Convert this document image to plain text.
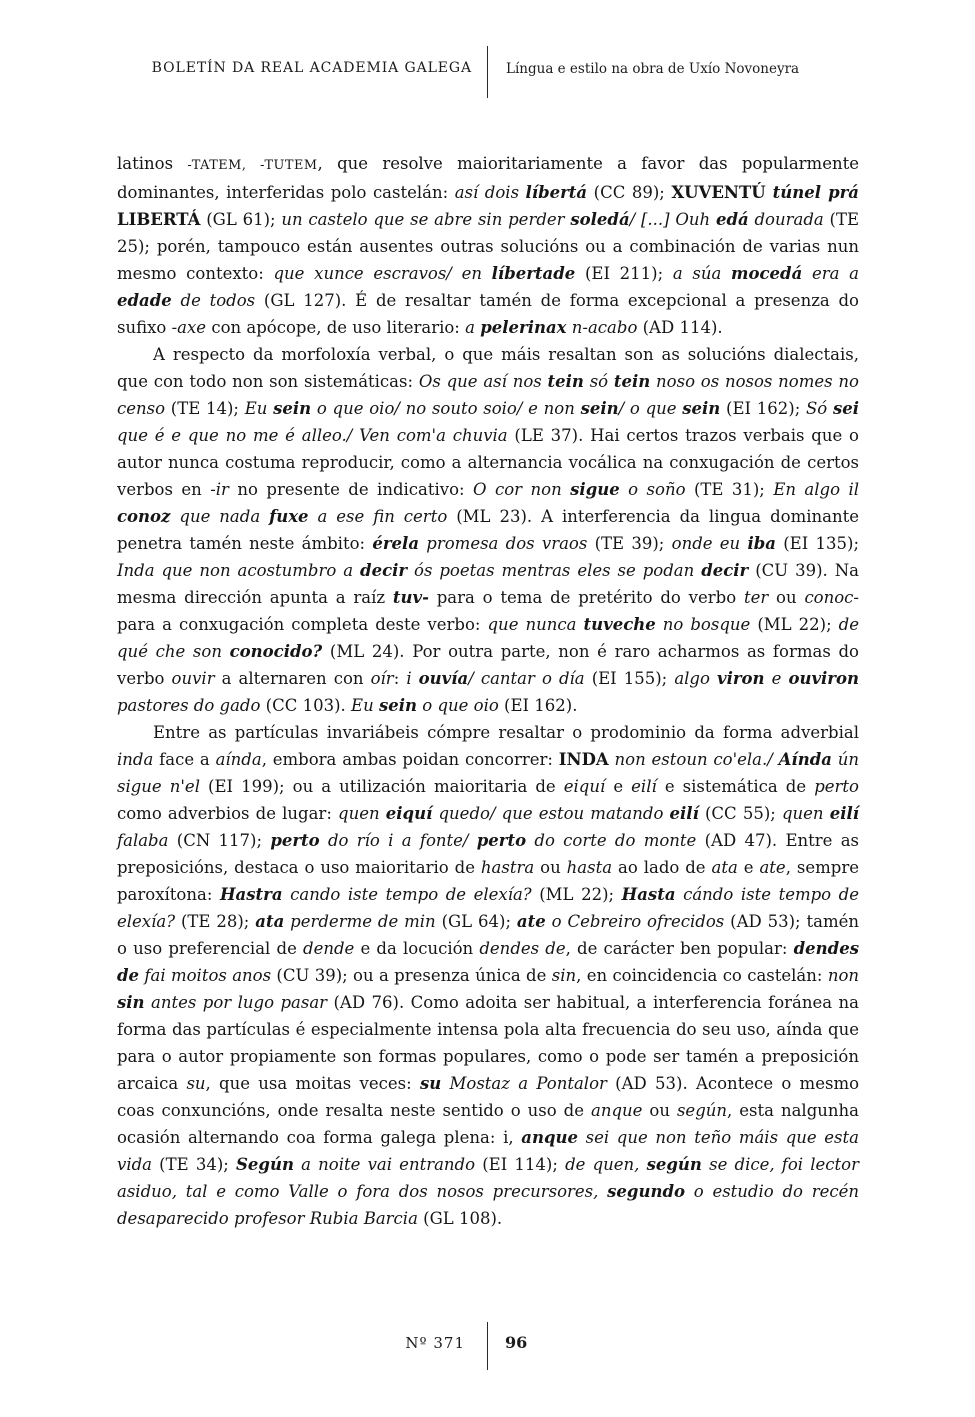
BOLETÍN DA REAL ACADEMIA GALEGA	Língua e estilo na obra de Uxío Novoneyra

latinos -TATEM, -TUTEM, que resolve maioritariamente a favor das popularmente dominantes, interferidas polo castelán: así dois líbertá (CC 89); XUVENTÚ túnel prá LIBERTÁ (GL 61); un castelo que se abre sin perder soledá/ [...] Ouh edá dourada (TE 25); porén, tampouco están ausentes outras solucións ou a combinación de varias nun mesmo contexto: que xunce escravos/ en líbertade (EI 211); a súa mocedá era a edade de todos (GL 127). É de resaltar tamén de forma excepcional a presenza do sufixo -axe con apócope, de uso literario: a pelerinax n-acabo (AD 114).

A respecto da morfoloxía verbal, o que máis resaltan son as solucións dialectais, que con todo non son sistemáticas: Os que así nos tein só tein noso os nosos nomes no censo (TE 14); Eu sein o que oio/ no souto soio/ e non sein/ o que sein (EI 162); Só sei que é e que no me é alleo./ Ven com'a chuvia (LE 37). Hai certos trazos verbais que o autor nunca costuma reproducir, como a alternancia vocálica na conxugación de certos verbos en -ir no presente de indicativo: O cor non sigue o soño (TE 31); En algo il conoz que nada fuxe a ese fin certo (ML 23). A interferencia da lingua dominante penetra tamén neste ámbito: érela promesa dos vraos (TE 39); onde eu iba (EI 135); Inda que non acostumbro a decir ós poetas mentras eles se podan decir (CU 39). Na mesma dirección apunta a raíz tuv- para o tema de pretérito do verbo ter ou conoc- para a conxugación completa deste verbo: que nunca tuveche no bosque (ML 22); de qué che son conocido? (ML 24). Por outra parte, non é raro acharmos as formas do verbo ouvir a alternaren con oír: i ouvía/ cantar o día (EI 155); algo viron e ouviron pastores do gado (CC 103). Eu sein o que oio (EI 162).

Entre as partículas invariábeis cómpre resaltar o prodominio da forma adverbial inda face a aínda, embora ambas poidan concorrer: INDA non estoun co'ela./ Aínda ún sigue n'el (EI 199); ou a utilización maioritaria de eiquí e eilí e sistemática de perto como adverbios de lugar: quen eiquí quedo/ que estou matando eilí (CC 55); quen eilí falaba (CN 117); perto do río i a fonte/ perto do corte do monte (AD 47). Entre as preposicións, destaca o uso maioritario de hastra ou hasta ao lado de ata e ate, sempre paroxítona: Hastra cando iste tempo de elexía? (ML 22); Hasta cándo iste tempo de elexía? (TE 28); ata perderme de min (GL 64); ate o Cebreiro ofrecidos (AD 53); tamén o uso preferencial de dende e da locución dendes de, de carácter ben popular: dendes de fai moitos anos (CU 39); ou a presenza única de sin, en coincidencia co castelán: non sin antes por lugo pasar (AD 76). Como adoita ser habitual, a interferencia foránea na forma das partículas é especialmente intensa pola alta frecuencia do seu uso, aínda que para o autor propiamente son formas populares, como o pode ser tamén a preposición arcaica su, que usa moitas veces: su Mostaz a Pontalor (AD 53). Acontece o mesmo coas conxuncións, onde resalta neste sentido o uso de anque ou según, esta nalgunha ocasión alternando coa forma galega plena: i, anque sei que non teño máis que esta vida (TE 34); Según a noite vai entrando (EI 114); de quen, según se dice, foi lector asiduo, tal e como Valle o fora dos nosos precursores, segundo o estudio do recén desaparecido profesor Rubia Barcia (GL 108).

Nº 371	96
